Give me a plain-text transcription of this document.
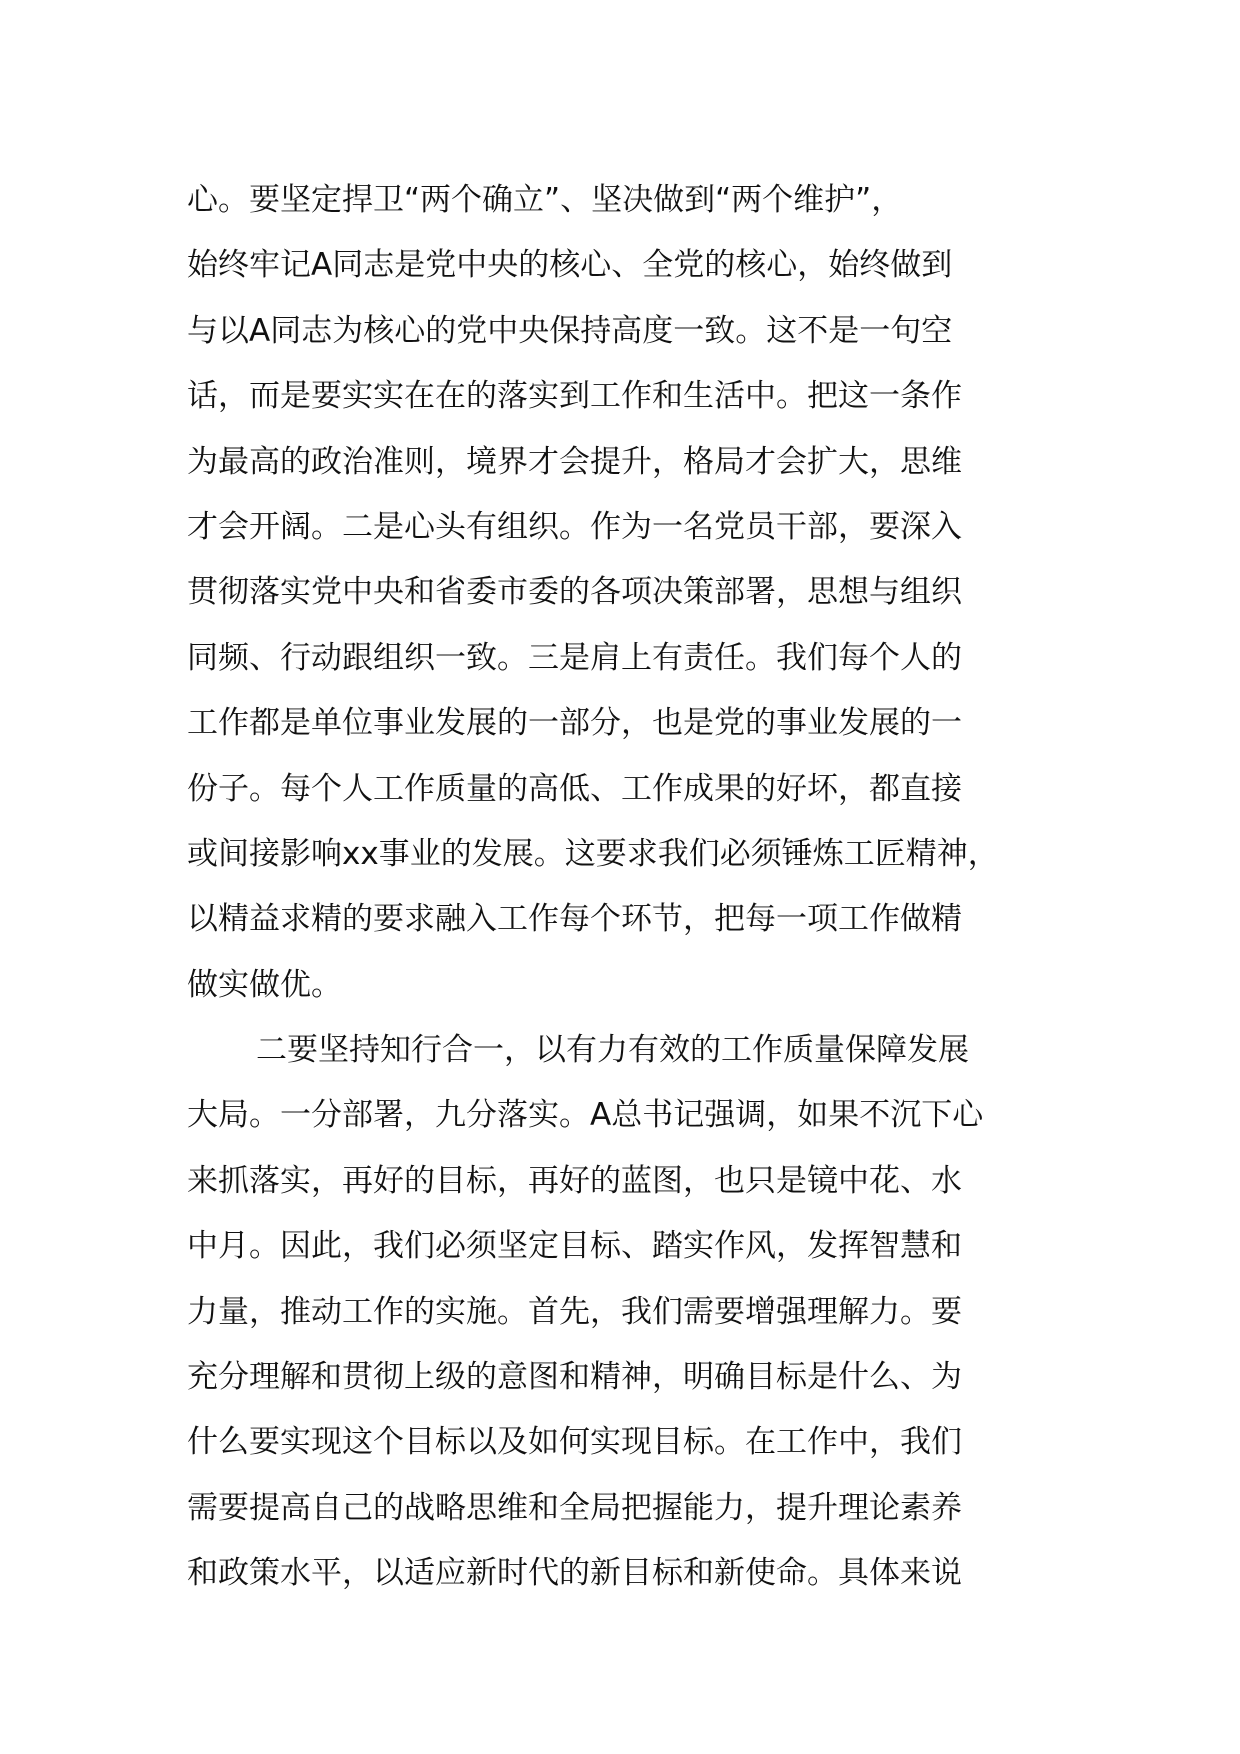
心。要坚定捍卫“两个确立”、坚决做到“两个维护”，
始终牢记A同志是党中央的核心、全党的核心，始终做到
与以A同志为核心的党中央保持高度一致。这不是一句空
话，而是要实实在在的落实到工作和生活中。把这一条作
为最高的政治准则，境界才会提升，格局才会扩大，思维
才会开阔。二是心头有组织。作为一名党员干部，要深入
贯彻落实党中央和省委市委的各项决策部署，思想与组织
同频、行动跟组织一致。三是肩上有责任。我们每个人的
工作都是单位事业发展的一部分，也是党的事业发展的一
份子。每个人工作质量的高低、工作成果的好坏，都直接
或间接影响xx事业的发展。这要求我们必须锤炼工匠精神，
以精益求精的要求融入工作每个环节，把每一项工作做精
做实做优。
二要坚持知行合一，以有力有效的工作质量保障发展
大局。一分部署，九分落实。A总书记强调，如果不沉下心
来抓落实，再好的目标，再好的蓝图，也只是镜中花、水
中月。因此，我们必须坚定目标、踏实作风，发挥智慧和
力量，推动工作的实施。首先，我们需要增强理解力。要
充分理解和贯彻上级的意图和精神，明确目标是什么、为
什么要实现这个目标以及如何实现目标。在工作中，我们
需要提高自己的战略思维和全局把握能力，提升理论素养
和政策水平，以适应新时代的新目标和新使命。具体来说
